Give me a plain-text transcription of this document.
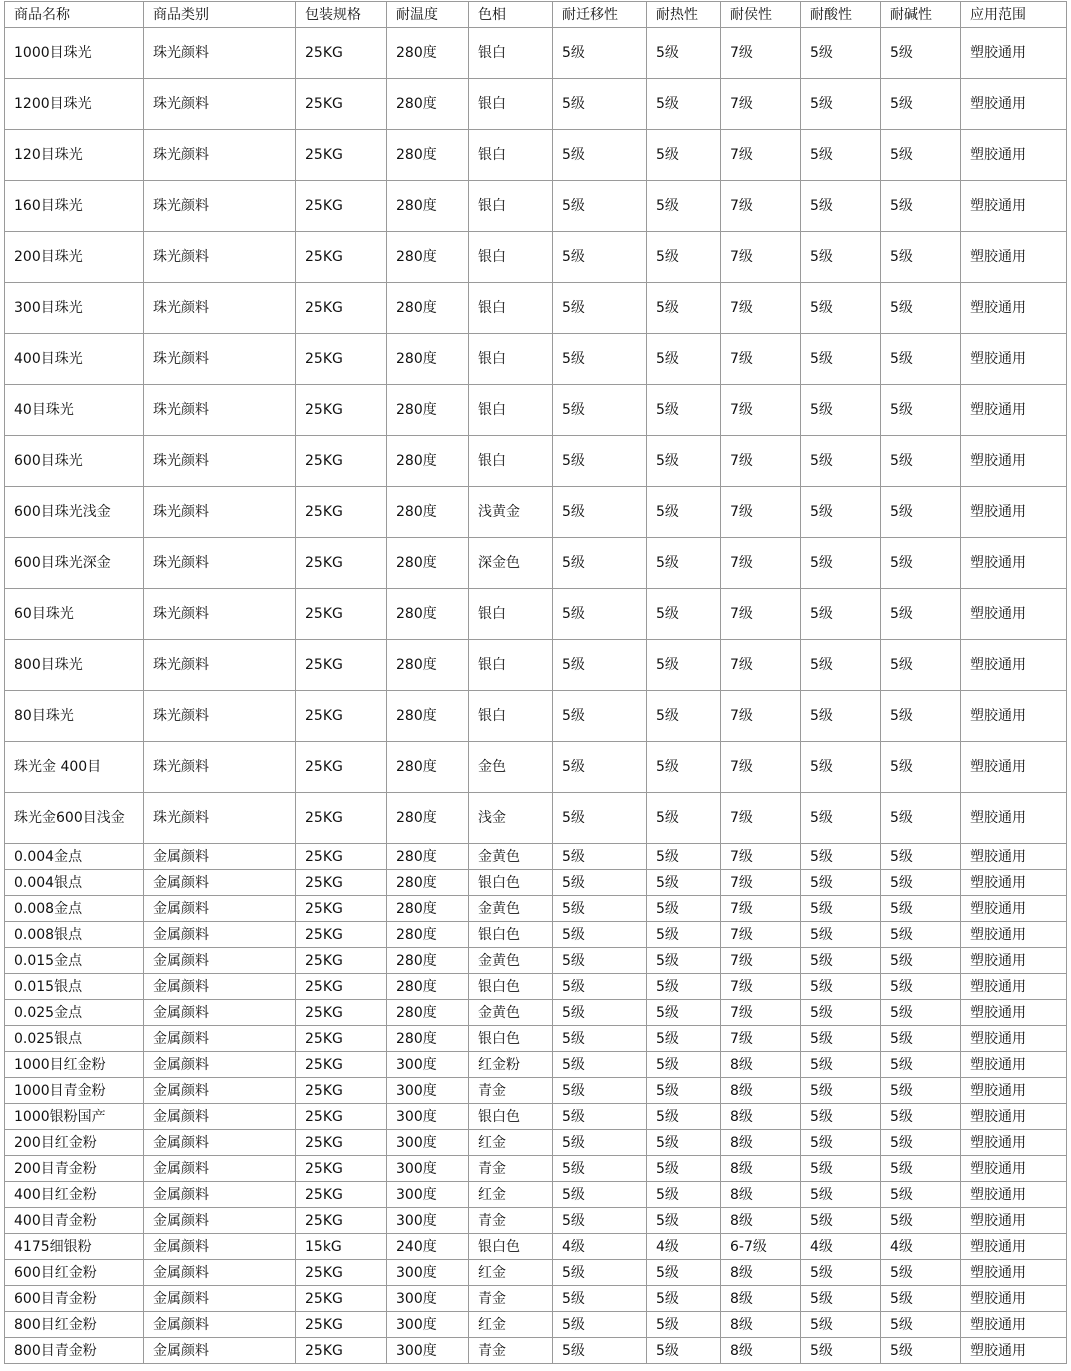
商品名称	商品类别	包装规格	耐温度	色相	耐迁移性	耐热性	耐侯性	耐酸性	耐碱性	应用范围
1000目珠光	珠光颜料	25KG	280度	银白	5级	5级	7级	5级	5级	塑胶通用
1200目珠光	珠光颜料	25KG	280度	银白	5级	5级	7级	5级	5级	塑胶通用
120目珠光	珠光颜料	25KG	280度	银白	5级	5级	7级	5级	5级	塑胶通用
160目珠光	珠光颜料	25KG	280度	银白	5级	5级	7级	5级	5级	塑胶通用
200目珠光	珠光颜料	25KG	280度	银白	5级	5级	7级	5级	5级	塑胶通用
300目珠光	珠光颜料	25KG	280度	银白	5级	5级	7级	5级	5级	塑胶通用
400目珠光	珠光颜料	25KG	280度	银白	5级	5级	7级	5级	5级	塑胶通用
40目珠光	珠光颜料	25KG	280度	银白	5级	5级	7级	5级	5级	塑胶通用
600目珠光	珠光颜料	25KG	280度	银白	5级	5级	7级	5级	5级	塑胶通用
600目珠光浅金	珠光颜料	25KG	280度	浅黄金	5级	5级	7级	5级	5级	塑胶通用
600目珠光深金	珠光颜料	25KG	280度	深金色	5级	5级	7级	5级	5级	塑胶通用
60目珠光	珠光颜料	25KG	280度	银白	5级	5级	7级	5级	5级	塑胶通用
800目珠光	珠光颜料	25KG	280度	银白	5级	5级	7级	5级	5级	塑胶通用
80目珠光	珠光颜料	25KG	280度	银白	5级	5级	7级	5级	5级	塑胶通用
珠光金 400目	珠光颜料	25KG	280度	金色	5级	5级	7级	5级	5级	塑胶通用
珠光金600目浅金	珠光颜料	25KG	280度	浅金	5级	5级	7级	5级	5级	塑胶通用
0.004金点	金属颜料	25KG	280度	金黄色	5级	5级	7级	5级	5级	塑胶通用
0.004银点	金属颜料	25KG	280度	银白色	5级	5级	7级	5级	5级	塑胶通用
0.008金点	金属颜料	25KG	280度	金黄色	5级	5级	7级	5级	5级	塑胶通用
0.008银点	金属颜料	25KG	280度	银白色	5级	5级	7级	5级	5级	塑胶通用
0.015金点	金属颜料	25KG	280度	金黄色	5级	5级	7级	5级	5级	塑胶通用
0.015银点	金属颜料	25KG	280度	银白色	5级	5级	7级	5级	5级	塑胶通用
0.025金点	金属颜料	25KG	280度	金黄色	5级	5级	7级	5级	5级	塑胶通用
0.025银点	金属颜料	25KG	280度	银白色	5级	5级	7级	5级	5级	塑胶通用
1000目红金粉	金属颜料	25KG	300度	红金粉	5级	5级	8级	5级	5级	塑胶通用
1000目青金粉	金属颜料	25KG	300度	青金	5级	5级	8级	5级	5级	塑胶通用
1000银粉国产	金属颜料	25KG	300度	银白色	5级	5级	8级	5级	5级	塑胶通用
200目红金粉	金属颜料	25KG	300度	红金	5级	5级	8级	5级	5级	塑胶通用
200目青金粉	金属颜料	25KG	300度	青金	5级	5级	8级	5级	5级	塑胶通用
400目红金粉	金属颜料	25KG	300度	红金	5级	5级	8级	5级	5级	塑胶通用
400目青金粉	金属颜料	25KG	300度	青金	5级	5级	8级	5级	5级	塑胶通用
4175细银粉	金属颜料	15kG	240度	银白色	4级	4级	6-7级	4级	4级	塑胶通用
600目红金粉	金属颜料	25KG	300度	红金	5级	5级	8级	5级	5级	塑胶通用
600目青金粉	金属颜料	25KG	300度	青金	5级	5级	8级	5级	5级	塑胶通用
800目红金粉	金属颜料	25KG	300度	红金	5级	5级	8级	5级	5级	塑胶通用
800目青金粉	金属颜料	25KG	300度	青金	5级	5级	8级	5级	5级	塑胶通用
